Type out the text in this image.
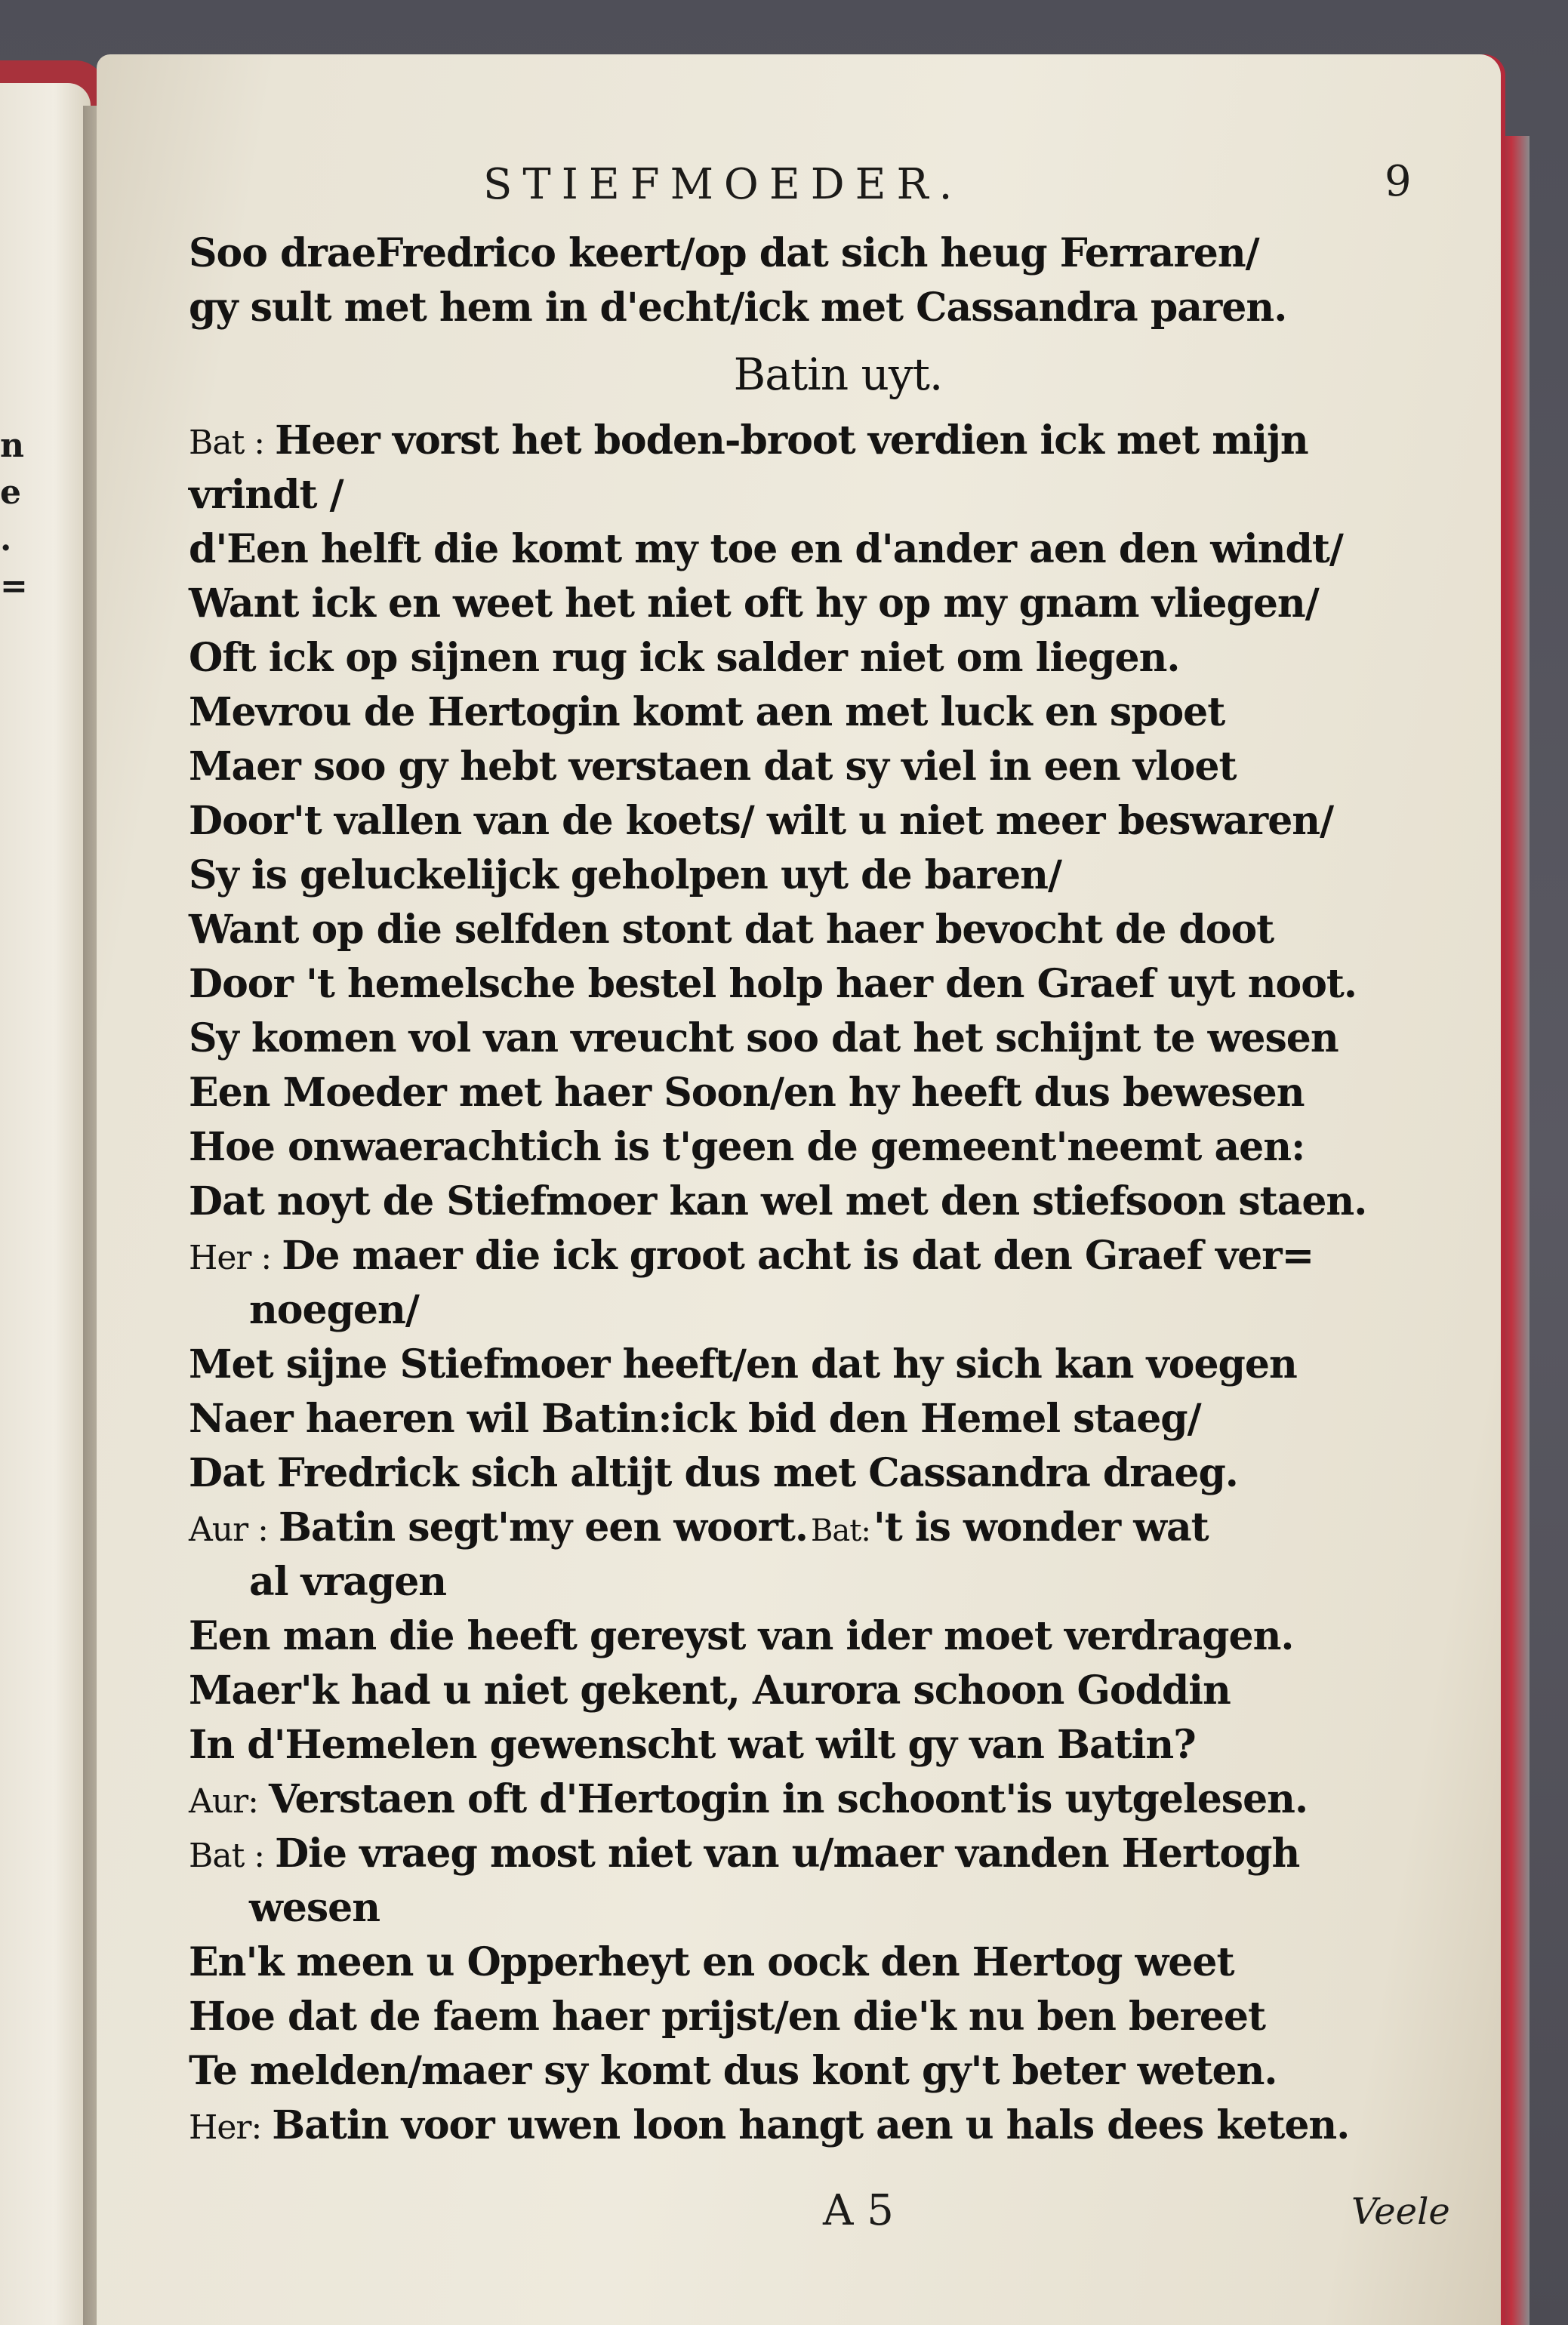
n
e
.
=
STIEFMOEDER.	9
Soo draeFredrico keert/op dat sich heug Ferraren/
gy sult met hem in d'echt/ick met Cassandra paren.
Batin uyt.
Bat : Heer vorst het boden-broot verdien ick met mijn
vrindt /
d'Een helft die komt my toe en d'ander aen den windt/
Want ick en weet het niet oft hy op my gnam vliegen/
Oft ick op sijnen rug ick salder niet om liegen.
Mevrou de Hertogin komt aen met luck en spoet
Maer soo gy hebt verstaen dat sy viel in een vloet
Door't vallen van de koets/ wilt u niet meer beswaren/
Sy is geluckelijck geholpen uyt de baren/
Want op die selfden stont dat haer bevocht de doot
Door 't hemelsche bestel holp haer den Graef uyt noot.
Sy komen vol van vreucht soo dat het schijnt te wesen
Een Moeder met haer Soon/en hy heeft dus bewesen
Hoe onwaerachtich is t'geen de gemeent'neemt aen:
Dat noyt de Stiefmoer kan wel met den stiefsoon staen.
Her : De maer die ick groot acht is dat den Graef ver=
noegen/
Met sijne Stiefmoer heeft/en dat hy sich kan voegen
Naer haeren wil Batin:ick bid den Hemel staeg/
Dat Fredrick sich altijt dus met Cassandra draeg.
Aur : Batin segt'my een woort. Bat:'t is wonder wat
al vragen
Een man die heeft gereyst van ider moet verdragen.
Maer'k had u niet gekent, Aurora schoon Goddin
In d'Hemelen gewenscht wat wilt gy van Batin?
Aur: Verstaen oft d'Hertogin in schoont'is uytgelesen.
Bat : Die vraeg most niet van u/maer vanden Hertogh
wesen
En'k meen u Opperheyt en oock den Hertog weet
Hoe dat de faem haer prijst/en die'k nu ben bereet
Te melden/maer sy komt dus kont gy't beter weten.
Her: Batin voor uwen loon hangt aen u hals dees keten.
A 5	Veele
